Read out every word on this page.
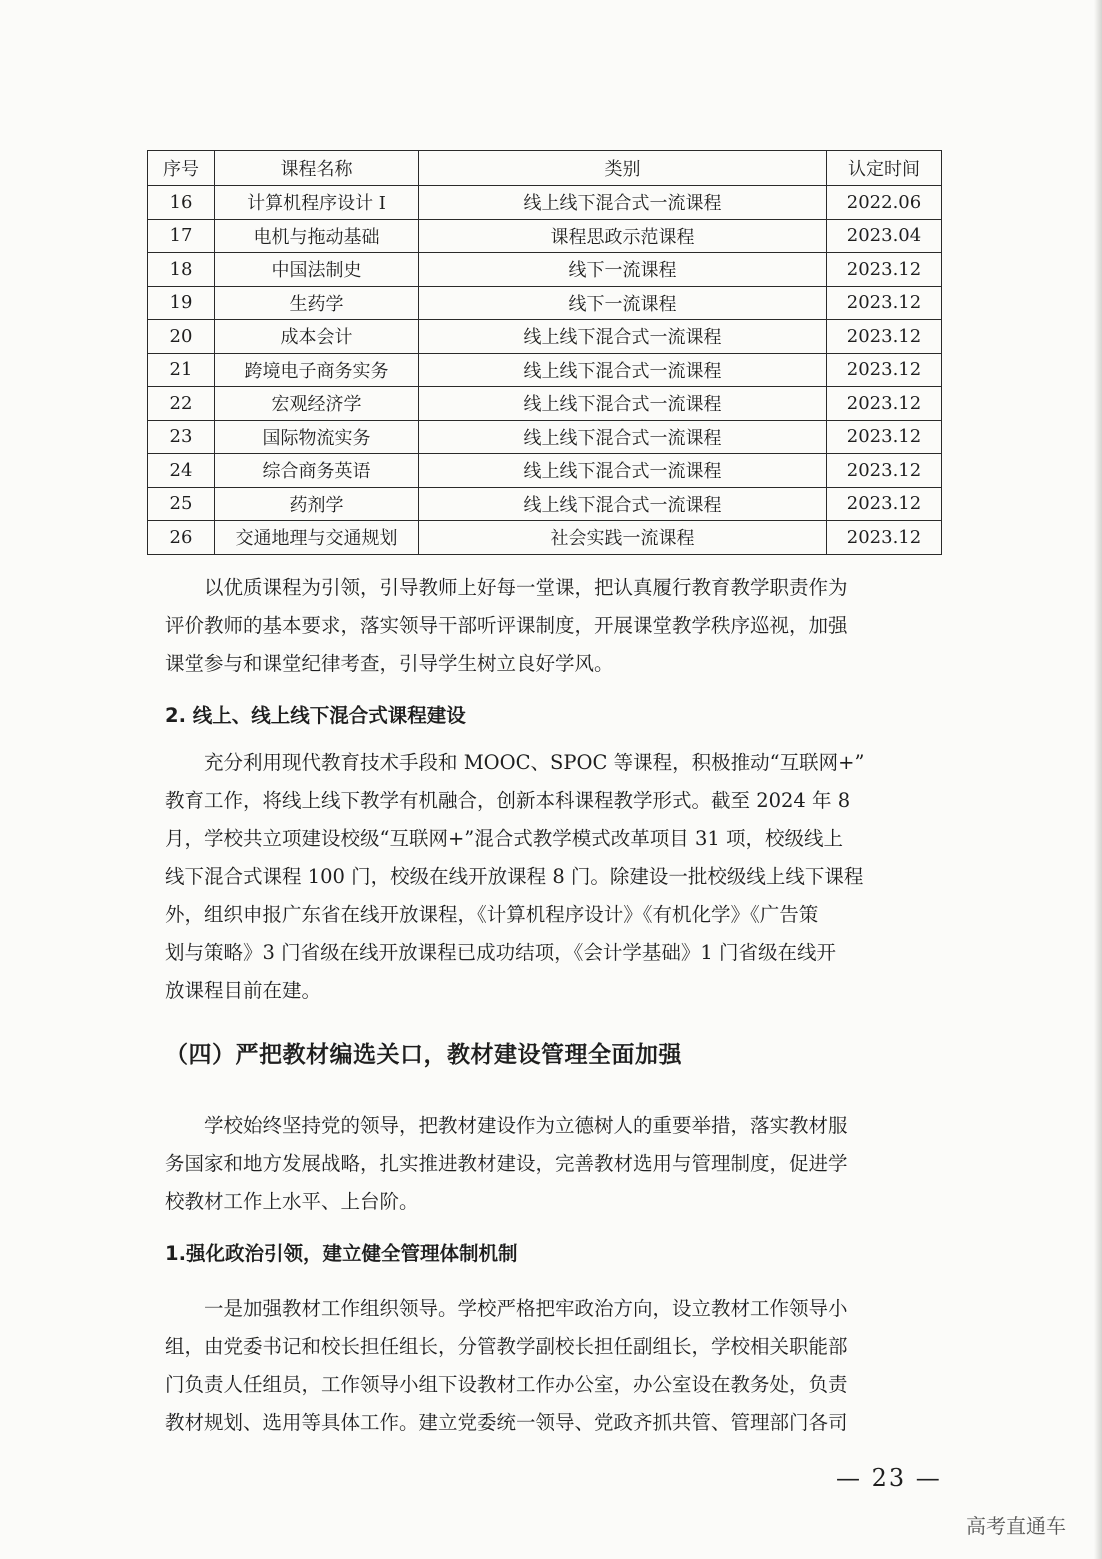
序号	课程名称	类别	认定时间
16	计算机程序设计 I	线上线下混合式一流课程	2022.06
17	电机与拖动基础	课程思政示范课程	2023.04
18	中国法制史	线下一流课程	2023.12
19	生药学	线下一流课程	2023.12
20	成本会计	线上线下混合式一流课程	2023.12
21	跨境电子商务实务	线上线下混合式一流课程	2023.12
22	宏观经济学	线上线下混合式一流课程	2023.12
23	国际物流实务	线上线下混合式一流课程	2023.12
24	综合商务英语	线上线下混合式一流课程	2023.12
25	药剂学	线上线下混合式一流课程	2023.12
26	交通地理与交通规划	社会实践一流课程	2023.12

　　以优质课程为引领，引导教师上好每一堂课，把认真履行教育教学职责作为
评价教师的基本要求，落实领导干部听评课制度，开展课堂教学秩序巡视，加强
课堂参与和课堂纪律考查，引导学生树立良好学风。

2. 线上、线上线下混合式课程建设

　　充分利用现代教育技术手段和 MOOC、SPOC 等课程，积极推动“互联网+”
教育工作，将线上线下教学有机融合，创新本科课程教学形式。截至 2024 年 8
月，学校共立项建设校级“互联网+”混合式教学模式改革项目 31 项，校级线上
线下混合式课程 100 门，校级在线开放课程 8 门。除建设一批校级线上线下课程
外，组织申报广东省在线开放课程，《计算机程序设计》《有机化学》《广告策
划与策略》3 门省级在线开放课程已成功结项，《会计学基础》1 门省级在线开
放课程目前在建。

（四）严把教材编选关口，教材建设管理全面加强

　　学校始终坚持党的领导，把教材建设作为立德树人的重要举措，落实教材服
务国家和地方发展战略，扎实推进教材建设，完善教材选用与管理制度，促进学
校教材工作上水平、上台阶。

1.强化政治引领，建立健全管理体制机制

　　一是加强教材工作组织领导。学校严格把牢政治方向，设立教材工作领导小
组，由党委书记和校长担任组长，分管教学副校长担任副组长，学校相关职能部
门负责人任组员，工作领导小组下设教材工作办公室，办公室设在教务处，负责
教材规划、选用等具体工作。建立党委统一领导、党政齐抓共管、管理部门各司

— 23 —
高考直通车
